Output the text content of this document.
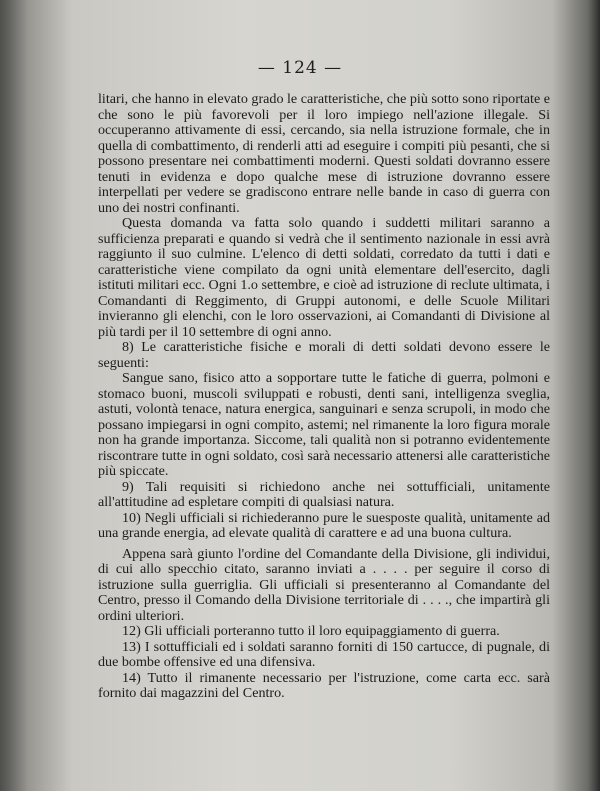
— 124 —

litari, che hanno in elevato grado le caratteristiche, che più sotto sono riportate e che sono le più favorevoli per il loro impiego nell'azione illegale. Si occuperanno attivamente di essi, cercando, sia nella istruzione formale, che in quella di combattimento, di renderli atti ad eseguire i compiti più pesanti, che si possono presentare nei combattimenti moderni. Questi soldati dovranno essere tenuti in evidenza e dopo qualche mese di istruzione dovranno essere interpellati per vedere se gradiscono entrare nelle bande in caso di guerra con uno dei nostri confinanti.

Questa domanda va fatta solo quando i suddetti militari saranno a sufficienza preparati e quando si vedrà che il sentimento nazionale in essi avrà raggiunto il suo culmine. L'elenco di detti soldati, corredato da tutti i dati e caratteristiche viene compilato da ogni unità elementare dell'esercito, dagli istituti militari ecc. Ogni 1.o settembre, e cioè ad istruzione di reclute ultimata, i Comandanti di Reggimento, di Gruppi autonomi, e delle Scuole Militari invieranno gli elenchi, con le loro osservazioni, ai Comandanti di Divisione al più tardi per il 10 settembre di ogni anno.

8) Le caratteristiche fisiche e morali di detti soldati devono essere le seguenti:

Sangue sano, fisico atto a sopportare tutte le fatiche di guerra, polmoni e stomaco buoni, muscoli sviluppati e robusti, denti sani, intelligenza sveglia, astuti, volontà tenace, natura energica, sanguinari e senza scrupoli, in modo che possano impiegarsi in ogni compito, astemi; nel rimanente la loro figura morale non ha grande importanza. Siccome, tali qualità non si potranno evidentemente riscontrare tutte in ogni soldato, così sarà necessario attenersi alle caratteristiche più spiccate.

9) Tali requisiti si richiedono anche nei sottufficiali, unitamente all'attitudine ad espletare compiti di qualsiasi natura.

10) Negli ufficiali si richiederanno pure le suesposte qualità, unitamente ad una grande energia, ad elevate qualità di carattere e ad una buona cultura.

Appena sarà giunto l'ordine del Comandante della Divisione, gli individui, di cui allo specchio citato, saranno inviati a . . . . per seguire il corso di istruzione sulla guerriglia. Gli ufficiali si presenteranno al Comandante del Centro, presso il Comando della Divisione territoriale di . . . ., che impartirà gli ordini ulteriori.

12) Gli ufficiali porteranno tutto il loro equipaggiamento di guerra.

13) I sottufficiali ed i soldati saranno forniti di 150 cartucce, di pugnale, di due bombe offensive ed una difensiva.

14) Tutto il rimanente necessario per l'istruzione, come carta ecc. sarà fornito dai magazzini del Centro.
